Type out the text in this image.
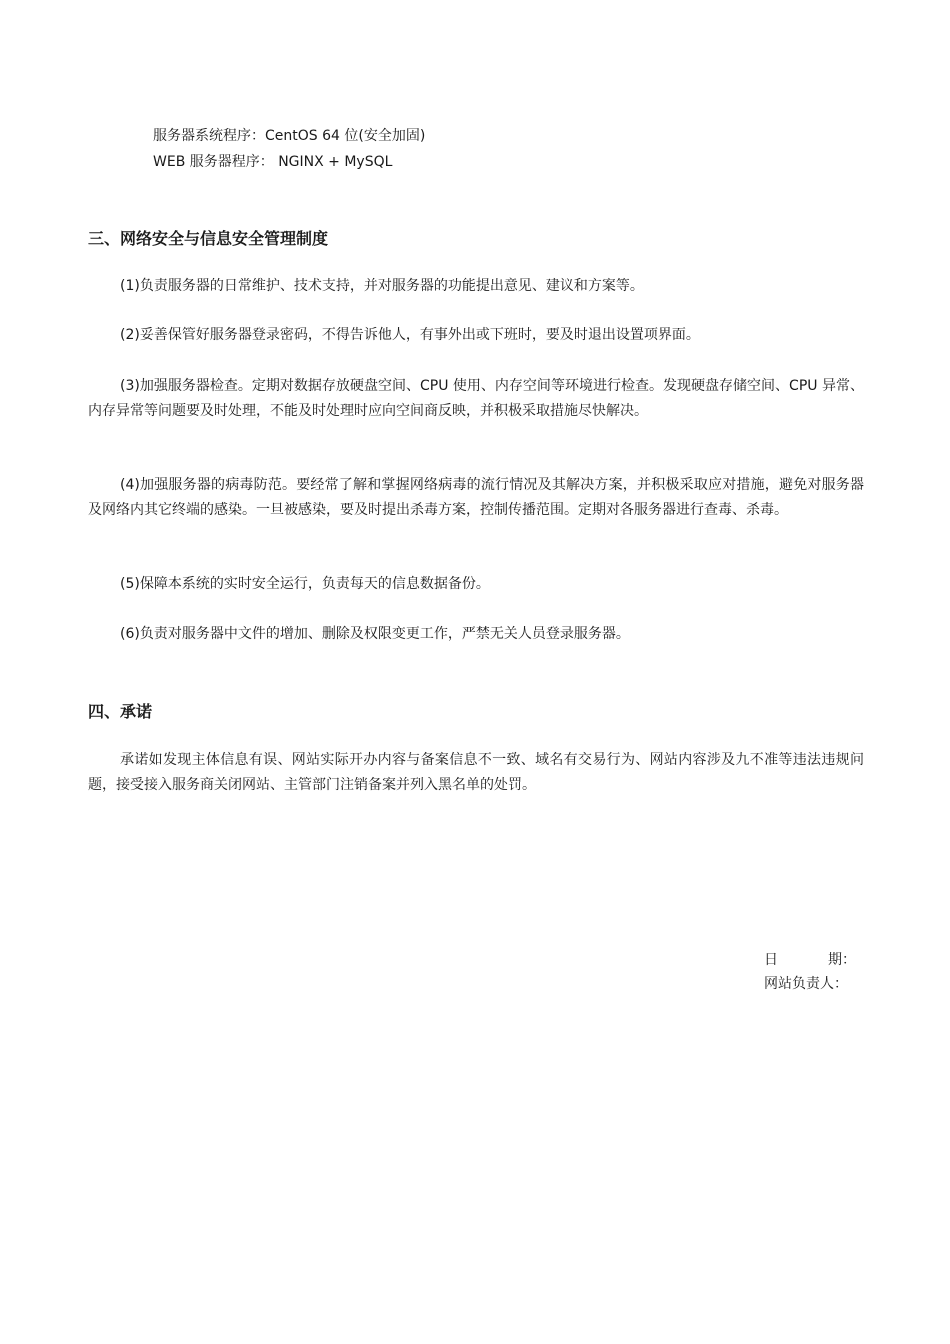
服务器系统程序：CentOS 64 位(安全加固)
WEB 服务器程序： NGINX + MySQL
三、网络安全与信息安全管理制度
(1)负责服务器的日常维护、技术支持，并对服务器的功能提出意见、建议和方案等。
(2)妥善保管好服务器登录密码，不得告诉他人，有事外出或下班时，要及时退出设置项界面。
(3)加强服务器检查。定期对数据存放硬盘空间、CPU 使用、内存空间等环境进行检查。发现硬盘存储空间、CPU 异常、内存异常等问题要及时处理，不能及时处理时应向空间商反映，并积极采取措施尽快解决。
(4)加强服务器的病毒防范。要经常了解和掌握网络病毒的流行情况及其解决方案，并积极采取应对措施，避免对服务器及网络内其它终端的感染。一旦被感染，要及时提出杀毒方案，控制传播范围。定期对各服务器进行查毒、杀毒。
(5)保障本系统的实时安全运行，负责每天的信息数据备份。
(6)负责对服务器中文件的增加、删除及权限变更工作，严禁无关人员登录服务器。
四、承诺
承诺如发现主体信息有误、网站实际开办内容与备案信息不一致、域名有交易行为、网站内容涉及九不准等违法违规问题，接受接入服务商关闭网站、主管部门注销备案并列入黑名单的处罚。
日	期：
网站负责人：
